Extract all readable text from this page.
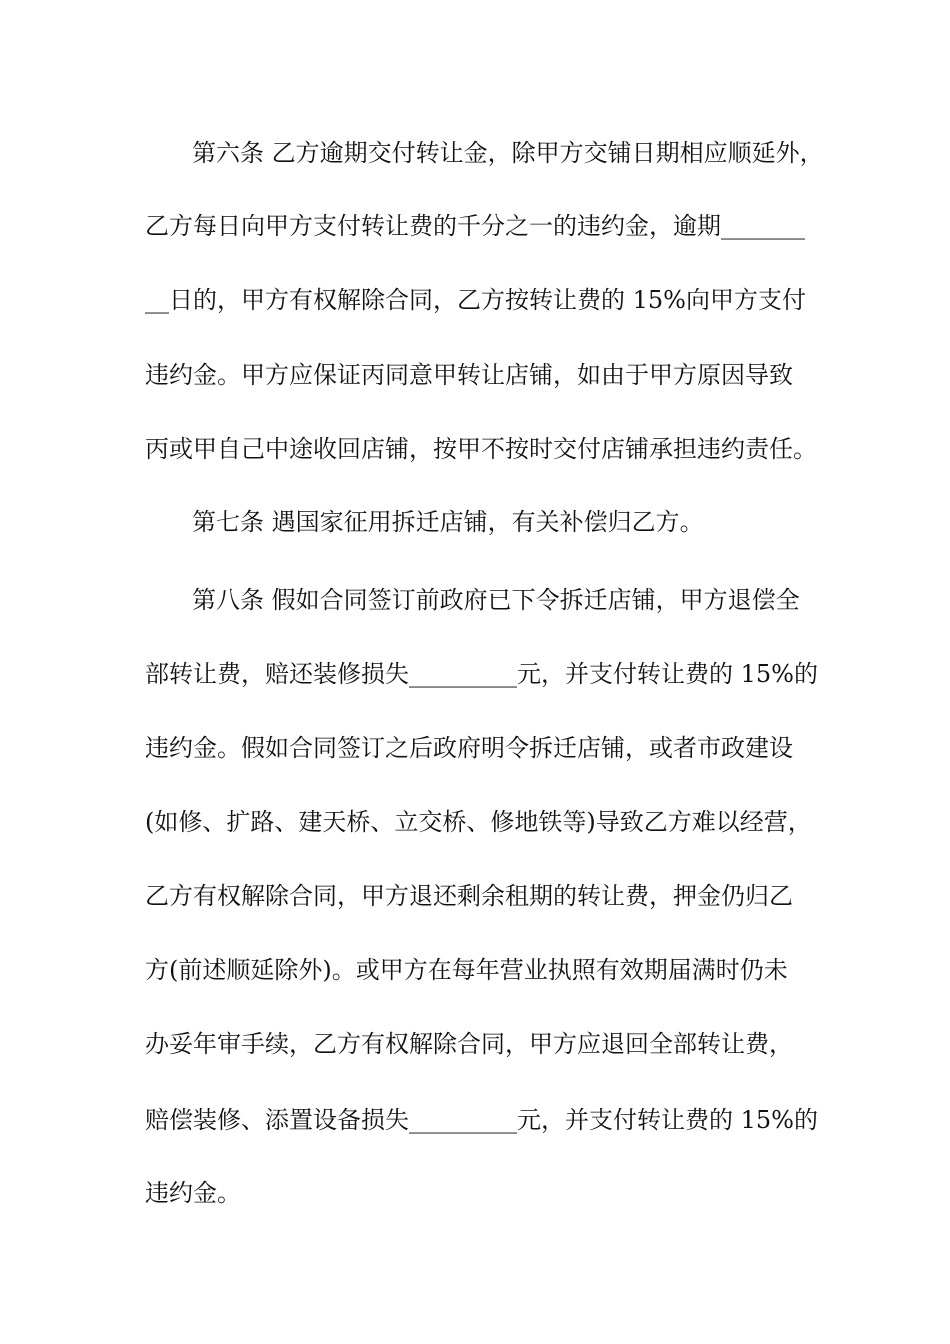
第六条 乙方逾期交付转让金，除甲方交铺日期相应顺延外，
乙方每日向甲方支付转让费的千分之一的违约金，逾期_______
__日的，甲方有权解除合同，乙方按转让费的 15%向甲方支付
违约金。甲方应保证丙同意甲转让店铺，如由于甲方原因导致
丙或甲自己中途收回店铺，按甲不按时交付店铺承担违约责任。
第七条 遇国家征用拆迁店铺，有关补偿归乙方。
第八条 假如合同签订前政府已下令拆迁店铺，甲方退偿全
部转让费，赔还装修损失_________元，并支付转让费的 15%的
违约金。假如合同签订之后政府明令拆迁店铺，或者市政建设
(如修、扩路、建天桥、立交桥、修地铁等)导致乙方难以经营，
乙方有权解除合同，甲方退还剩余租期的转让费，押金仍归乙
方(前述顺延除外)。或甲方在每年营业执照有效期届满时仍未
办妥年审手续，乙方有权解除合同，甲方应退回全部转让费，
赔偿装修、添置设备损失_________元，并支付转让费的 15%的
违约金。
